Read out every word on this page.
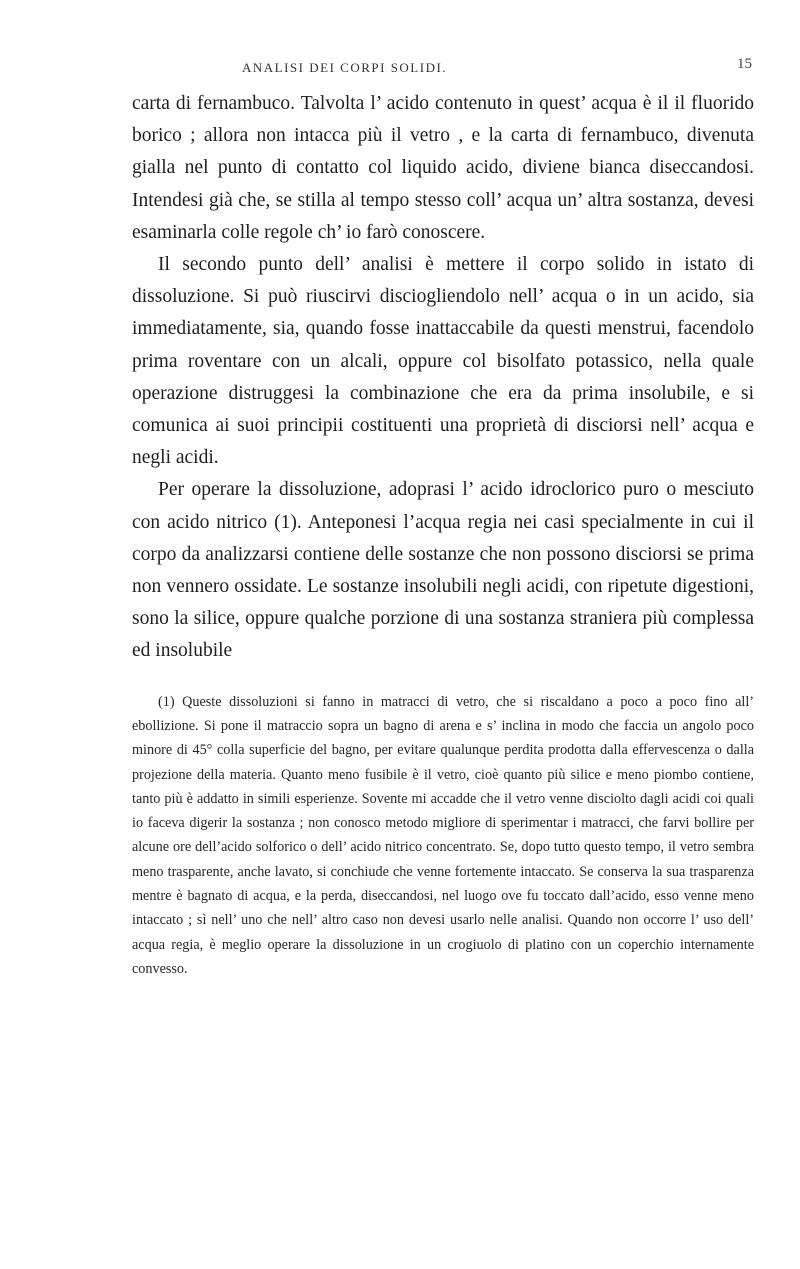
ANALISI DEI CORPI SOLIDI.	15

carta di fernambuco. Talvolta l’ acido contenuto in quest’ acqua è il il fluorido borico ; allora non intacca più il vetro , e la carta di fernambuco, divenuta gialla nel punto di contatto col liquido acido, diviene bianca diseccandosi. Intendesi già che, se stilla al tempo stesso coll’ acqua un’ altra sostanza, devesi esaminarla colle regole ch’ io farò conoscere.

Il secondo punto dell’ analisi è mettere il corpo solido in istato di dissoluzione. Si può riuscirvi disciogliendolo nell’ acqua o in un acido, sia immediatamente, sia, quando fosse inattaccabile da questi menstrui, facendolo prima roventare con un alcali, oppure col bisolfato potassico, nella quale operazione distruggesi la combinazione che era da prima insolubile, e si comunica ai suoi principii costituenti una proprietà di disciorsi nell’ acqua e negli acidi.

Per operare la dissoluzione, adoprasi l’ acido idroclorico puro o mesciuto con acido nitrico (1). Anteponesi l’acqua regia nei casi specialmente in cui il corpo da analizzarsi contiene delle sostanze che non possono disciorsi se prima non vennero ossidate. Le sostanze insolubili negli acidi, con ripetute digestioni, sono la silice, oppure qualche porzione di una sostanza straniera più complessa ed insolubile

(1) Queste dissoluzioni si fanno in matracci di vetro, che si riscaldano a poco a poco fino all’ ebollizione. Si pone il matraccio sopra un bagno di arena e s’ inclina in modo che faccia un angolo poco minore di 45° colla superficie del bagno, per evitare qualunque perdita prodotta dalla effervescenza o dalla projezione della materia. Quanto meno fusibile è il vetro, cioè quanto più silice e meno piombo contiene, tanto più è addatto in simili esperienze. Sovente mi accadde che il vetro venne disciolto dagli acidi coi quali io faceva digerir la sostanza ; non conosco metodo migliore di sperimentar i matracci, che farvi bollire per alcune ore dell’acido solforico o dell’ acido nitrico concentrato. Se, dopo tutto questo tempo, il vetro sembra meno trasparente, anche lavato, si conchiude che venne fortemente intaccato. Se conserva la sua trasparenza mentre è bagnato di acqua, e la perda, diseccandosi, nel luogo ove fu toccato dall’acido, esso venne meno intaccato ; sì nell’ uno che nell’ altro caso non devesi usarlo nelle analisi. Quando non occorre l’ uso dell’ acqua regia, è meglio operare la dissoluzione in un crogiuolo di platino con un coperchio internamente convesso.
